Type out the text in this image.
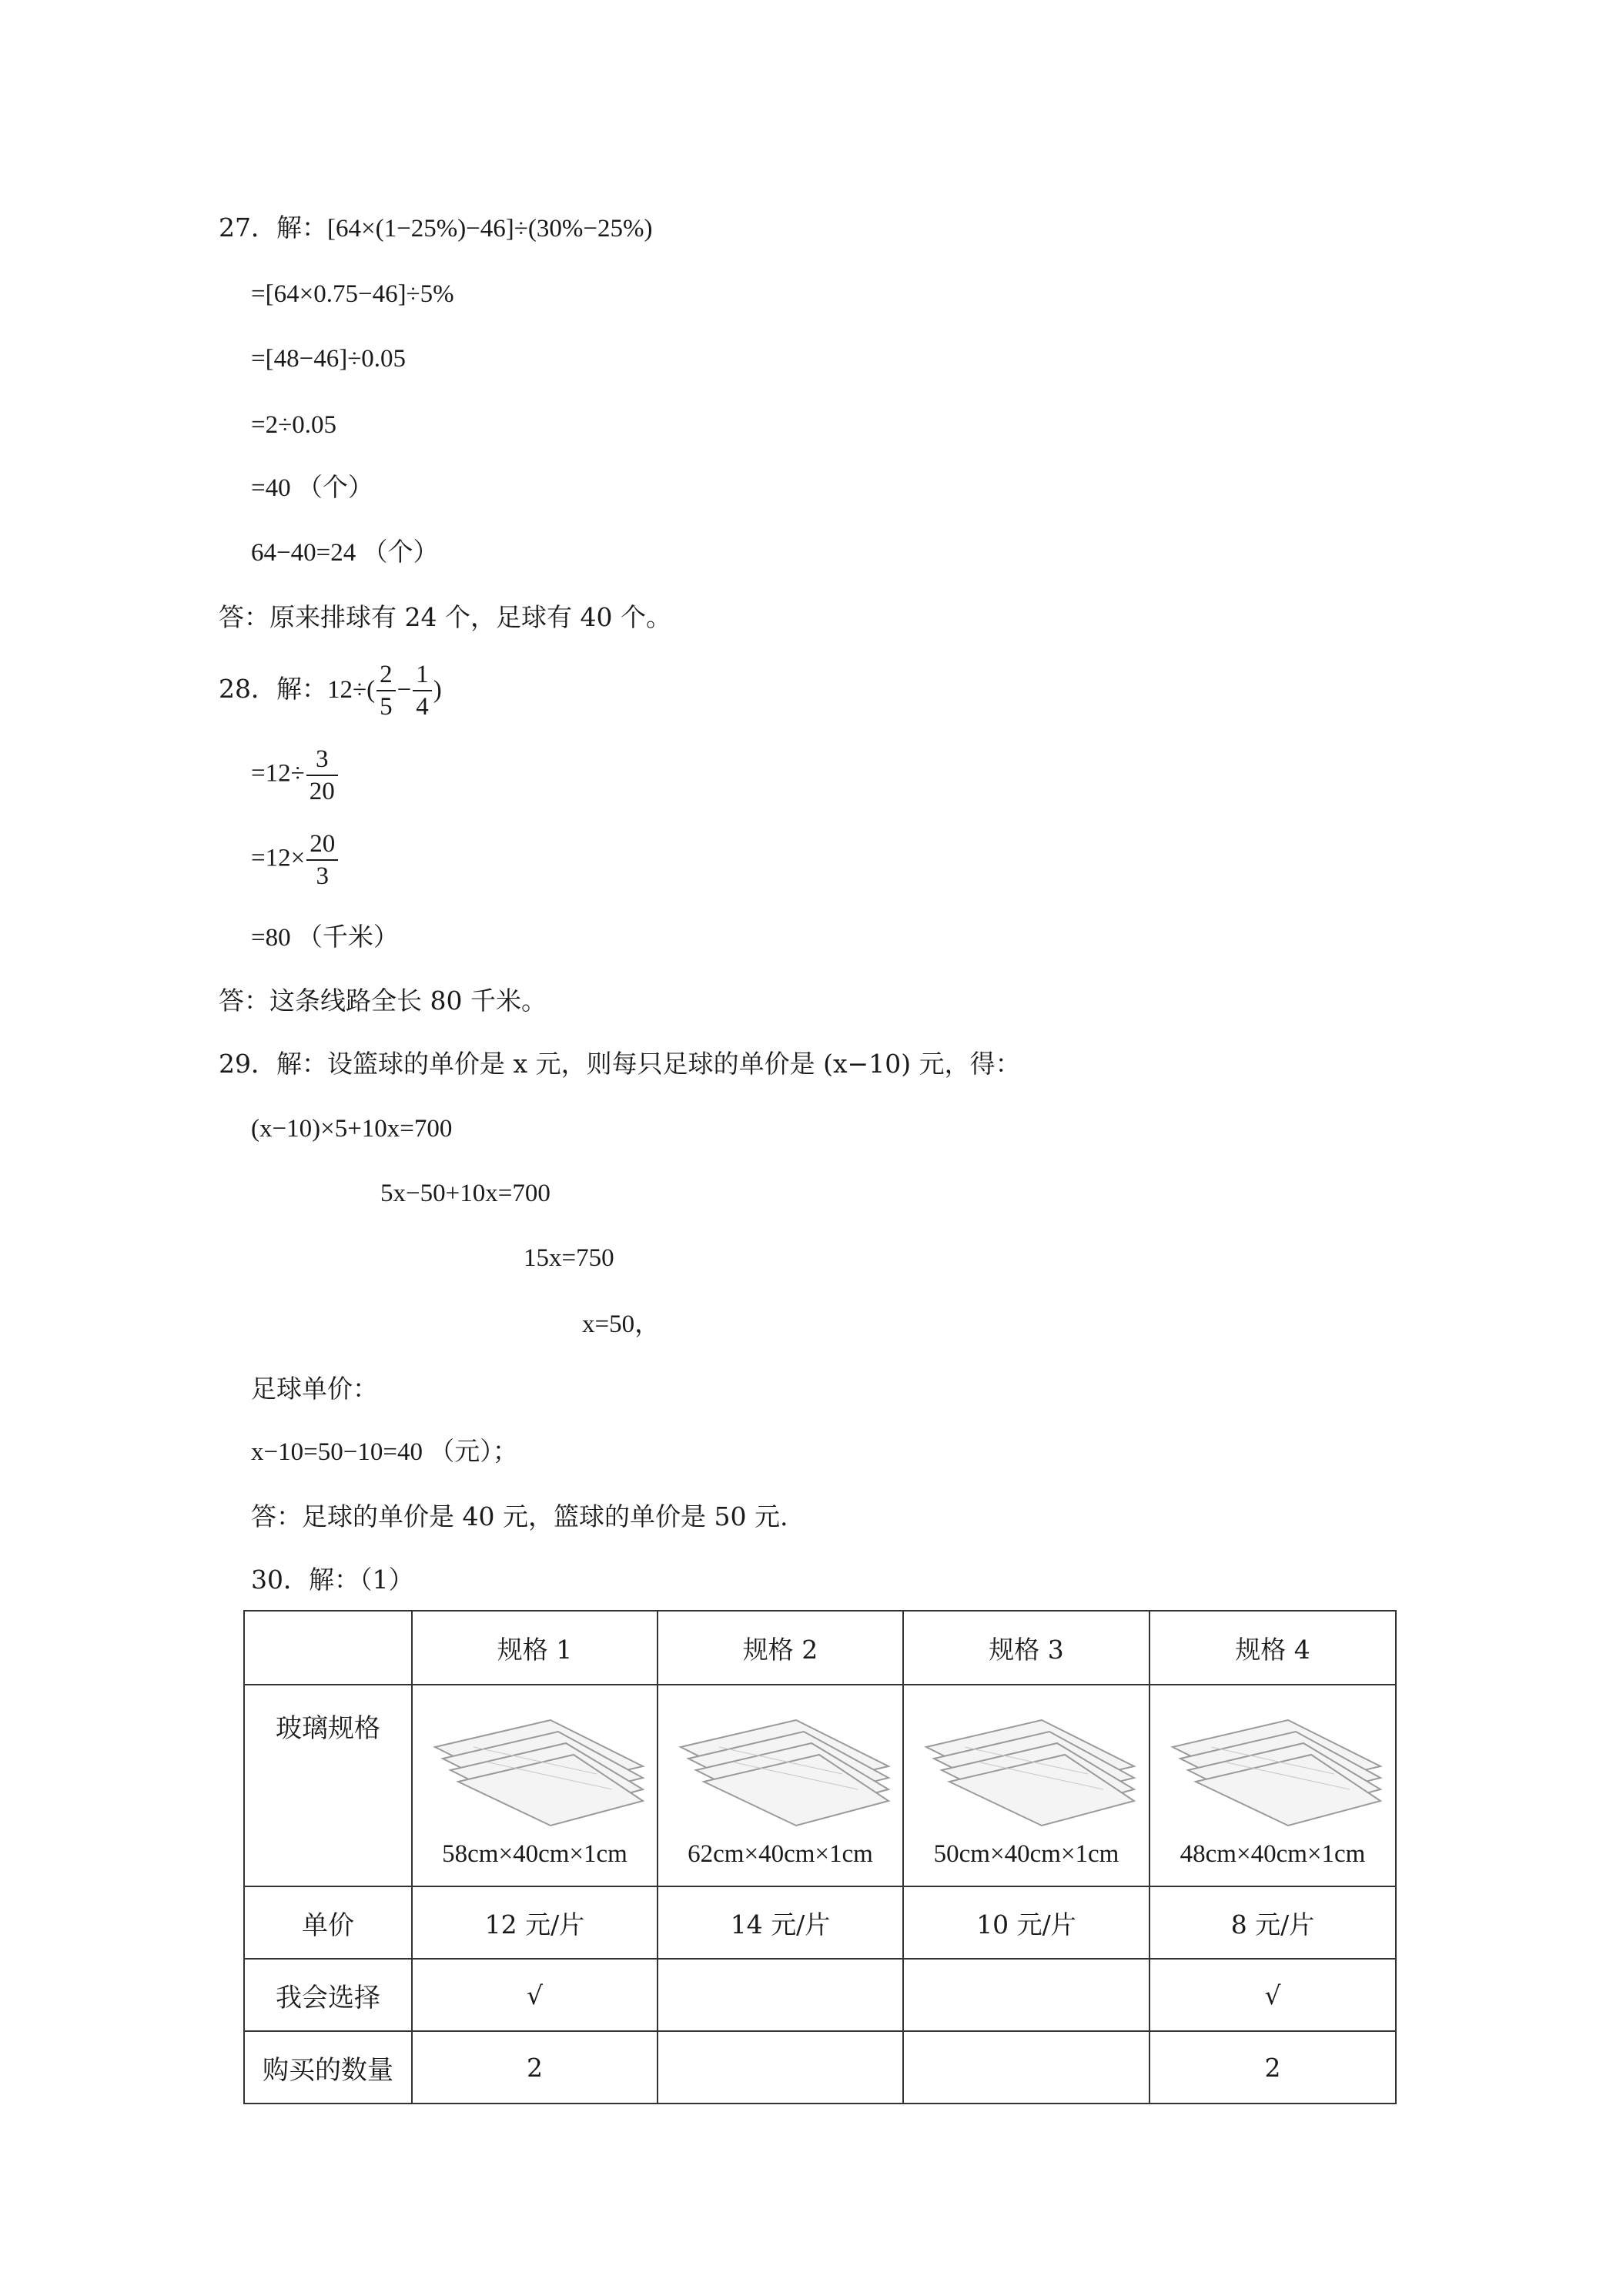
27．解：[64×(1−25%)−46]÷(30%−25%)
=[64×0.75−46]÷5%
=[48−46]÷0.05
=2÷0.05
=40 （个）
64−40=24 （个）
答：原来排球有 24 个，足球有 40 个。
28．解：$12\div( \frac{2}{5} - \frac{1}{4}$ )
$=12\div \frac{3}{20}$
$=12\times \frac{20}{3}$
=80 （千米）
答：这条线路全长 80 千米。
29．解：设篮球的单价是 x 元，则每只足球的单价是 (x−10) 元，得：
(x−10)×5+10x=700
5x−50+10x=700
15x=750
x=50，
足球单价：
x−10=50−10=40 （元）；
答：足球的单价是 40 元，篮球的单价是 50 元.
30．解：（1）
	规格 1	规格 2	规格 3	规格 4
玻璃规格	58cm×40cm×1cm	62cm×40cm×1cm	50cm×40cm×1cm	48cm×40cm×1cm

单价	12 元/片	14 元/片	10 元/片	8 元/片
我会选择	√			√
购买的数量	2			2
